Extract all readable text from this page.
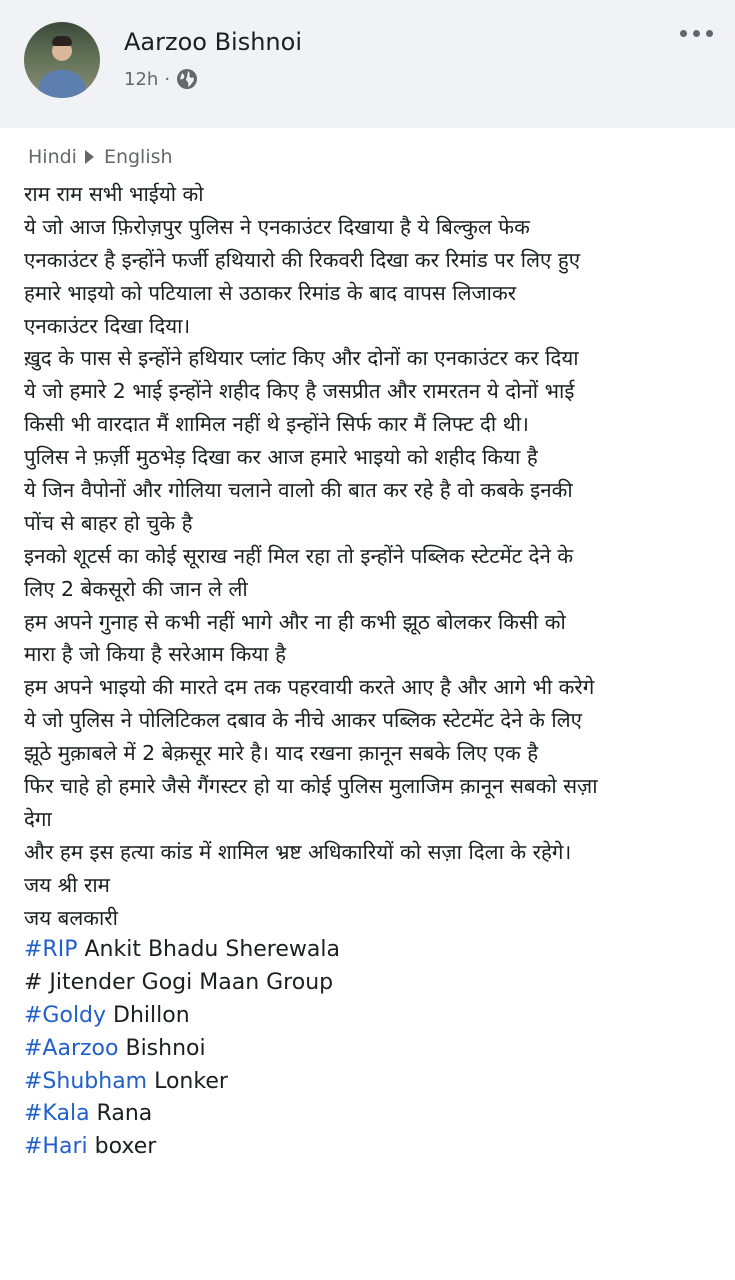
Aarzoo Bishnoi
12h ·
Hindi English
राम राम सभी भाईयो को
ये जो आज फ़िरोज़पुर पुलिस ने एनकाउंटर दिखाया है ये बिल्कुल फेक
एनकाउंटर है इन्होंने फर्जी हथियारो की रिकवरी दिखा कर रिमांड पर लिए हुए
हमारे भाइयो को पटियाला से उठाकर रिमांड के बाद वापस लिजाकर
एनकाउंटर दिखा दिया।
ख़ुद के पास से इन्होंने हथियार प्लांट किए और दोनों का एनकाउंटर कर दिया
ये जो हमारे 2 भाई इन्होंने शहीद किए है जसप्रीत और रामरतन ये दोनों भाई
किसी भी वारदात मैं शामिल नहीं थे इन्होंने सिर्फ कार मैं लिफ्ट दी थी।
पुलिस ने फ़र्ज़ी मुठभेड़ दिखा कर आज हमारे भाइयो को शहीद किया है
ये जिन वैपोनों और गोलिया चलाने वालो की बात कर रहे है वो कबके इनकी
पोंच से बाहर हो चुके है
इनको शूटर्स का कोई सूराख नहीं मिल रहा तो इन्होंने पब्लिक स्टेटमेंट देने के
लिए 2 बेकसूरो की जान ले ली
हम अपने गुनाह से कभी नहीं भागे और ना ही कभी झूठ बोलकर किसी को
मारा है जो किया है सरेआम किया है
हम अपने भाइयो की मारते दम तक पहरवायी करते आए है और आगे भी करेगे
ये जो पुलिस ने पोलिटिकल दबाव के नीचे आकर पब्लिक स्टेटमेंट देने के लिए
झूठे मुक़ाबले में 2 बेक़सूर मारे है। याद रखना क़ानून सबके लिए एक है
फिर चाहे हो हमारे जैसे गैंगस्टर हो या कोई पुलिस मुलाजिम क़ानून सबको सज़ा
देगा
और हम इस हत्या कांड में शामिल भ्रष्ट अधिकारियों को सज़ा दिला के रहेगे।
जय श्री राम
जय बलकारी
#RIP Ankit Bhadu Sherewala
# Jitender Gogi Maan Group
#Goldy Dhillon
#Aarzoo Bishnoi
#Shubham Lonker
#Kala Rana
#Hari boxer
